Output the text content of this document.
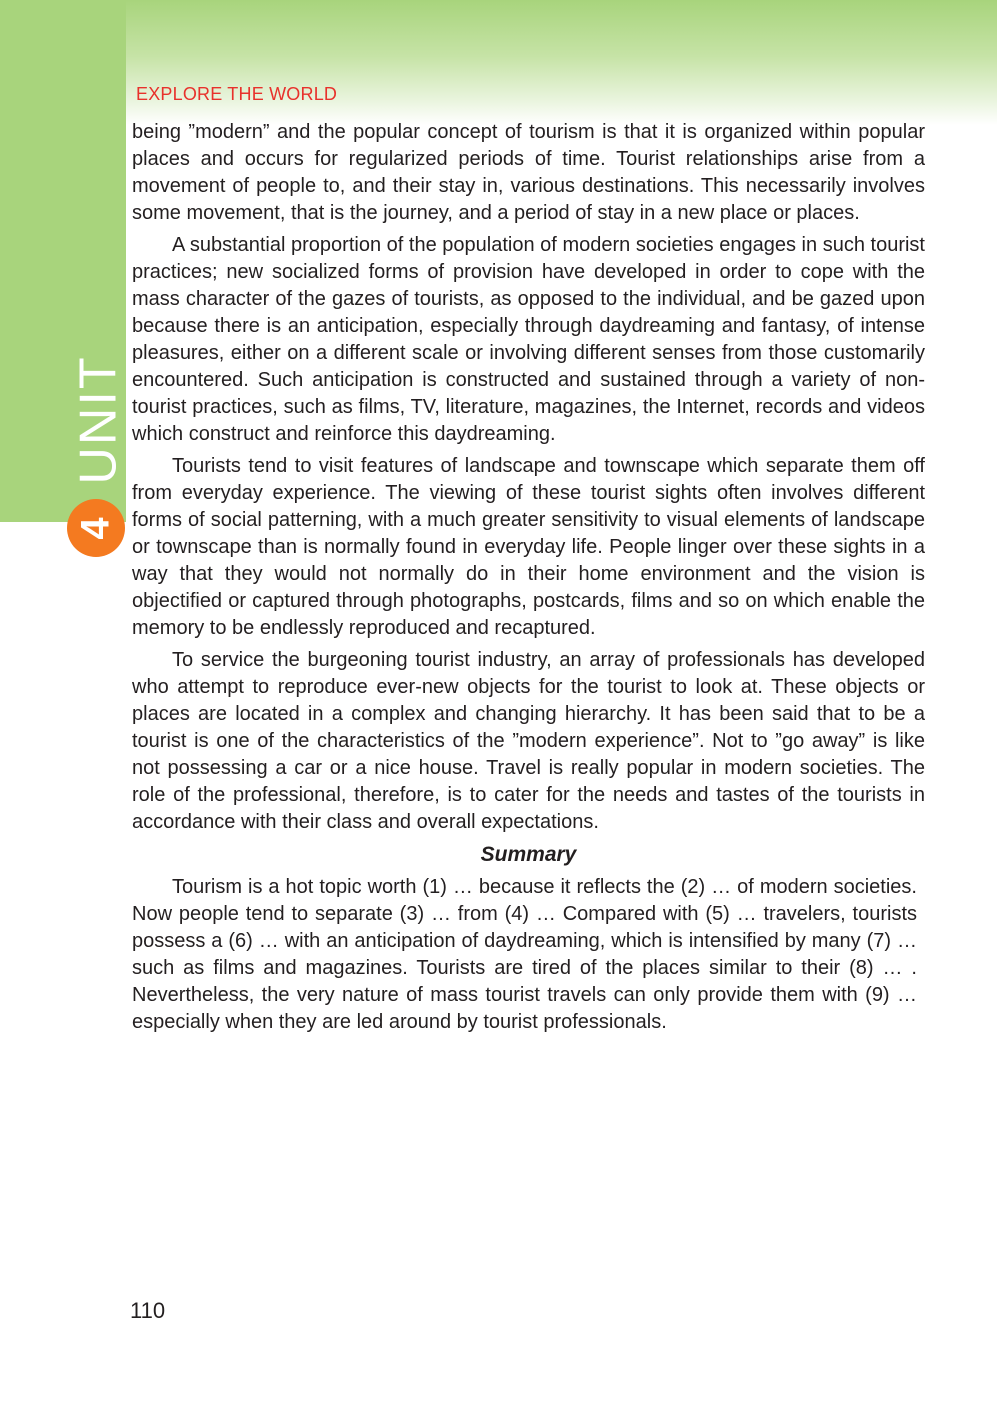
EXPLORE THE WORLD
UNIT
4

being ”modern” and the popular concept of tourism is that it is organized within popular places and occurs for regularized periods of time. Tourist relationships arise from a movement of people to, and their stay in, various destinations. This necessarily involves some movement, that is the journey, and a period of stay in a new place or places.

A substantial proportion of the population of modern societies engages in such tourist practices; new socialized forms of provision have developed in order to cope with the mass character of the gazes of tourists, as opposed to the individual, and be gazed upon because there is an anticipation, especially through daydreaming and fantasy, of intense pleasures, either on a different scale or involving different senses from those customarily encountered. Such anticipation is constructed and sustained through a variety of non-tourist practices, such as films, TV, literature, magazines, the Internet, records and videos which construct and reinforce this daydreaming.

Tourists tend to visit features of landscape and townscape which separate them off from everyday experience. The viewing of these tourist sights often involves different forms of social patterning, with a much greater sensitivity to visual elements of landscape or townscape than is normally found in everyday life. People linger over these sights in a way that they would not normally do in their home environment and the vision is objectified or captured through photographs, postcards, films and so on which enable the memory to be endlessly reproduced and recaptured.

To service the burgeoning tourist industry, an array of professionals has developed who attempt to reproduce ever-new objects for the tourist to look at. These objects or places are located in a complex and changing hierarchy. It has been said that to be a tourist is one of the characteristics of the ”modern experience”. Not to ”go away” is like not possessing a car or a nice house. Travel is really popular in modern societies. The role of the professional, therefore, is to cater for the needs and tastes of the tourists in accordance with their class and overall expectations.

Summary

Tourism is a hot topic worth (1) … because it reflects the (2) … of modern societies. Now people tend to separate (3) … from (4) … Compared with (5) … travelers, tourists possess a (6) … with an anticipation of daydreaming, which is intensified by many (7) … such as films and magazines. Tourists are tired of the places similar to their (8) … . Nevertheless, the very nature of mass tourist travels can only provide them with (9) … especially when they are led around by tourist professionals.

110
